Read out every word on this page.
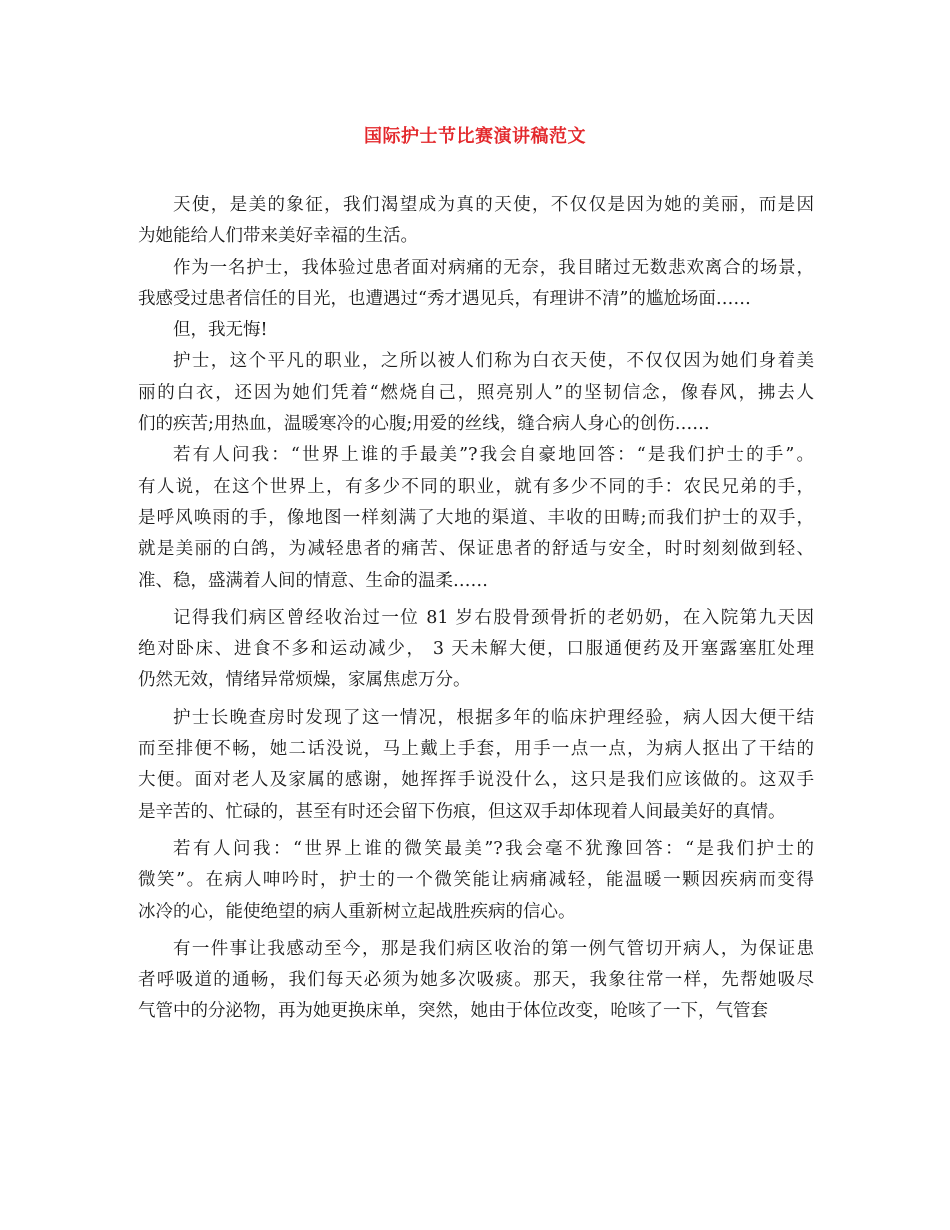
国际护士节比赛演讲稿范文
天使，是美的象征，我们渴望成为真的天使，不仅仅是因为她的美丽，而是因
为她能给人们带来美好幸福的生活。
作为一名护士，我体验过患者面对病痛的无奈，我目睹过无数悲欢离合的场景，
我感受过患者信任的目光，也遭遇过“秀才遇见兵，有理讲不清”的尴尬场面……
但，我无悔!
护士，这个平凡的职业，之所以被人们称为白衣天使，不仅仅因为她们身着美
丽的白衣，还因为她们凭着“燃烧自己，照亮别人”的坚韧信念，像春风，拂去人
们的疾苦;用热血，温暖寒冷的心腹;用爱的丝线，缝合病人身心的创伤……
若有人问我：“世界上谁的手最美”?我会自豪地回答：“是我们护士的手”。
有人说，在这个世界上，有多少不同的职业，就有多少不同的手：农民兄弟的手，
是呼风唤雨的手，像地图一样刻满了大地的渠道、丰收的田畴;而我们护士的双手，
就是美丽的白鸽，为减轻患者的痛苦、保证患者的舒适与安全，时时刻刻做到轻、
准、稳，盛满着人间的情意、生命的温柔……
记得我们病区曾经收治过一位 81 岁右股骨颈骨折的老奶奶，在入院第九天因
绝对卧床、进食不多和运动减少， 3 天未解大便，口服通便药及开塞露塞肛处理
仍然无效，情绪异常烦燥，家属焦虑万分。
护士长晚查房时发现了这一情况，根据多年的临床护理经验，病人因大便干结
而至排便不畅，她二话没说，马上戴上手套，用手一点一点，为病人抠出了干结的
大便。面对老人及家属的感谢，她挥挥手说没什么，这只是我们应该做的。这双手
是辛苦的、忙碌的，甚至有时还会留下伤痕，但这双手却体现着人间最美好的真情。
若有人问我：“世界上谁的微笑最美”?我会毫不犹豫回答：“是我们护士的
微笑”。在病人呻吟时，护士的一个微笑能让病痛减轻，能温暖一颗因疾病而变得
冰冷的心，能使绝望的病人重新树立起战胜疾病的信心。
有一件事让我感动至今，那是我们病区收治的第一例气管切开病人，为保证患
者呼吸道的通畅，我们每天必须为她多次吸痰。那天，我象往常一样，先帮她吸尽
气管中的分泌物，再为她更换床单，突然，她由于体位改变，呛咳了一下，气管套
